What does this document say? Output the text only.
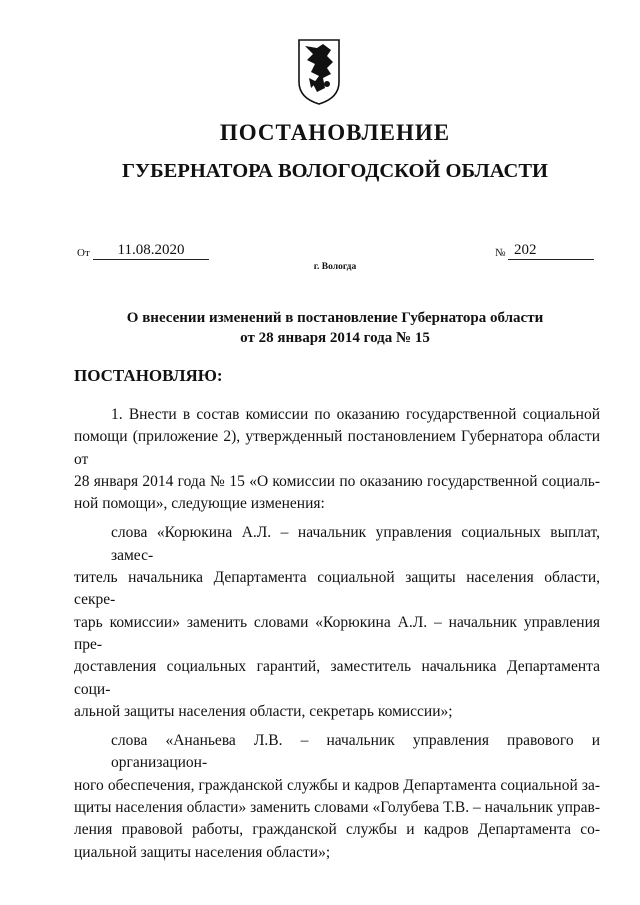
ПОСТАНОВЛЕНИЕ
ГУБЕРНАТОРА ВОЛОГОДСКОЙ ОБЛАСТИ
От	11.08.2020	№ 202
г. Вологда
О внесении изменений в постановление Губернатора области
от 28 января 2014 года № 15
ПОСТАНОВЛЯЮ:
1. Внести в состав комиссии по оказанию государственной социальной
помощи (приложение 2), утвержденный постановлением Губернатора области от
28 января 2014 года № 15 «О комиссии по оказанию государственной социаль-
ной помощи», следующие изменения:
слова «Корюкина А.Л. – начальник управления социальных выплат, замес-
титель начальника Департамента социальной защиты населения области, секре-
тарь комиссии» заменить словами «Корюкина А.Л. – начальник управления пре-
доставления социальных гарантий, заместитель начальника Департамента соци-
альной защиты населения области, секретарь комиссии»;
слова «Ананьева Л.В. – начальник управления правового и организацион-
ного обеспечения, гражданской службы и кадров Департамента социальной за-
щиты населения области» заменить словами «Голубева Т.В. – начальник управ-
ления правовой работы, гражданской службы и кадров Департамента со-
циальной защиты населения области»;
